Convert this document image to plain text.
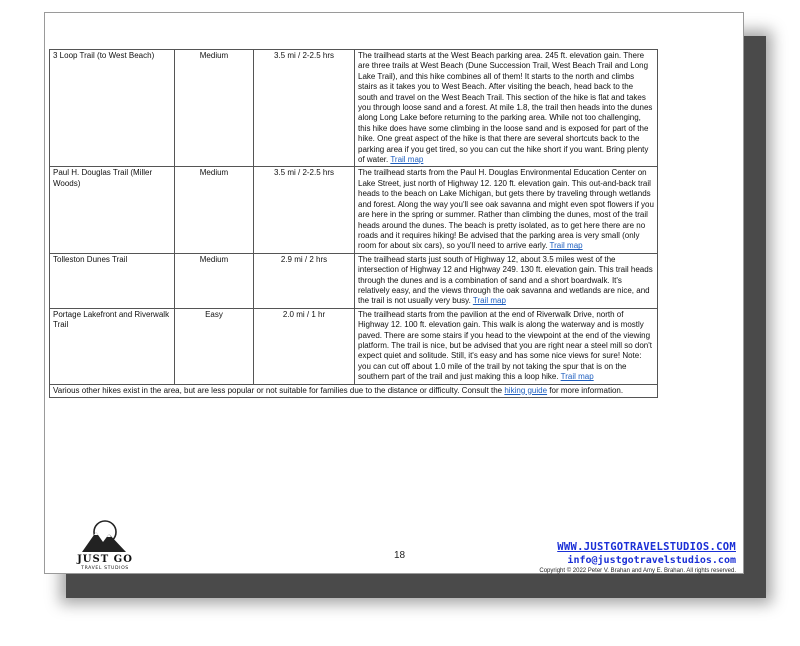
3 Loop Trail (to West Beach)	Medium	3.5 mi / 2-2.5 hrs	The trailhead starts at the West Beach parking area. 245 ft. elevation gain. There are three trails at West Beach (Dune Succession Trail, West Beach Trail and Long Lake Trail), and this hike combines all of them! It starts to the north and climbs stairs as it takes you to West Beach. After visiting the beach, head back to the south and travel on the West Beach Trail. This section of the hike is flat and takes you through loose sand and a forest. At mile 1.8, the trail then heads into the dunes along Long Lake before returning to the parking area. While not too challenging, this hike does have some climbing in the loose sand and is exposed for part of the hike. One great aspect of the hike is that there are several shortcuts back to the parking area if you get tired, so you can cut the hike short if you want. Bring plenty of water. Trail map
Paul H. Douglas Trail (Miller Woods)	Medium	3.5 mi / 2-2.5 hrs	The trailhead starts from the Paul H. Douglas Environmental Education Center on Lake Street, just north of Highway 12. 120 ft. elevation gain. This out-and-back trail heads to the beach on Lake Michigan, but gets there by traveling through wetlands and forest. Along the way you'll see oak savanna and might even spot flowers if you are here in the spring or summer. Rather than climbing the dunes, most of the trail heads around the dunes. The beach is pretty isolated, as to get here there are no roads and it requires hiking! Be advised that the parking area is very small (only room for about six cars), so you'll need to arrive early. Trail map
Tolleston Dunes Trail	Medium	2.9 mi / 2 hrs	The trailhead starts just south of Highway 12, about 3.5 miles west of the intersection of Highway 12 and Highway 249. 130 ft. elevation gain. This trail heads through the dunes and is a combination of sand and a short boardwalk. It's relatively easy, and the views through the oak savanna and wetlands are nice, and the trail is not usually very busy. Trail map
Portage Lakefront and Riverwalk Trail	Easy	2.0 mi / 1 hr	The trailhead starts from the pavilion at the end of Riverwalk Drive, north of Highway 12. 100 ft. elevation gain. This walk is along the waterway and is mostly paved. There are some stairs if you head to the viewpoint at the end of the viewing platform. The trail is nice, but be advised that you are right near a steel mill so don't expect quiet and solitude. Still, it's easy and has some nice views for sure! Note: you can cut off about 1.0 mile of the trail by not taking the spur that is on the southern part of the trail and just making this a loop hike. Trail map
Various other hikes exist in the area, but are less popular or not suitable for families due to the distance or difficulty. Consult the hiking guide for more information.			
JUST GO
TRAVEL STUDIOS
18
WWW.JUSTGOTRAVELSTUDIOS.COM
info@justgotravelstudios.com
Copyright © 2022 Peter V. Brahan and Amy E. Brahan. All rights reserved.
